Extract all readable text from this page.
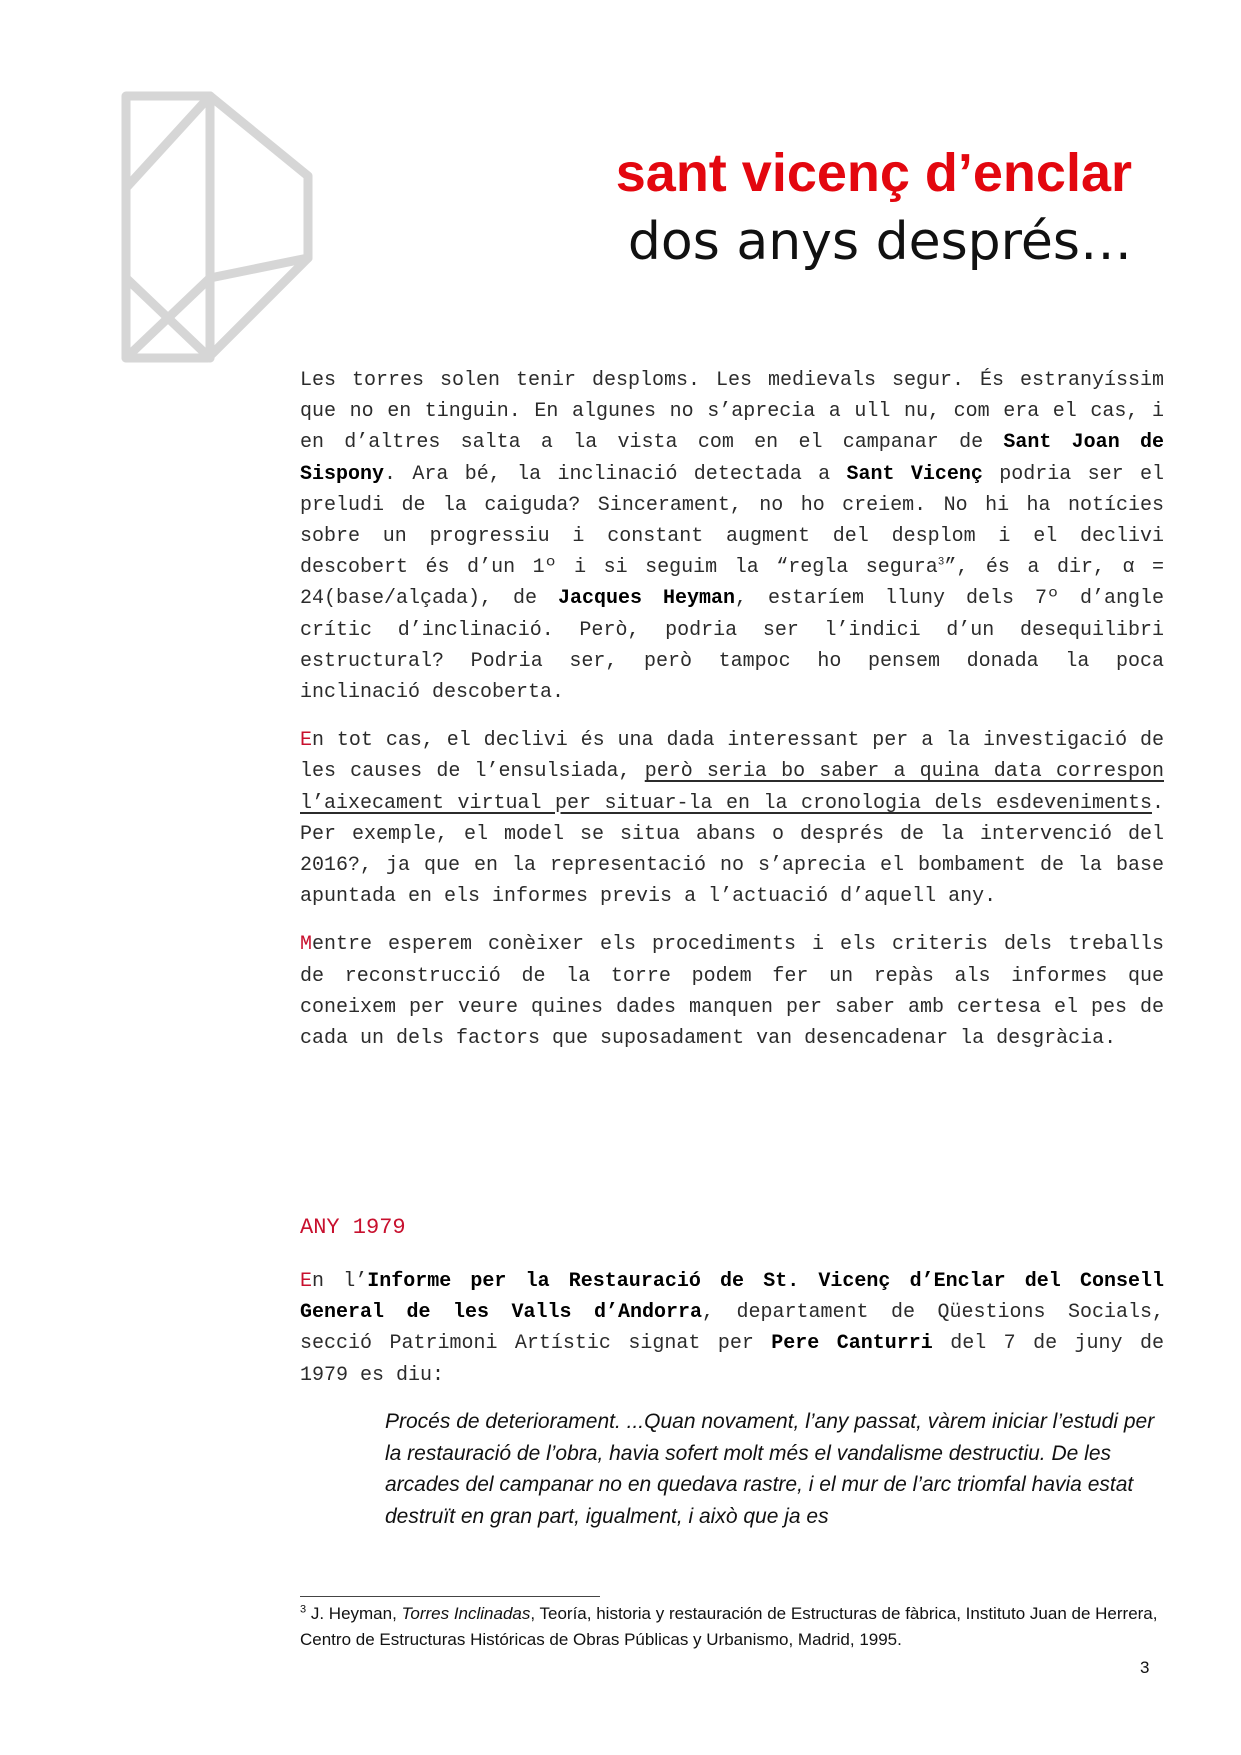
sant vicenç d’enclar
dos anys després…

Les torres solen tenir desploms. Les medievals segur. És estranyíssim que no en tinguin. En algunes no s’aprecia a ull nu, com era el cas, i en d’altres salta a la vista com en el campanar de Sant Joan de Sispony. Ara bé, la inclinació detectada a Sant Vicenç podria ser el preludi de la caiguda? Sincerament, no ho creiem. No hi ha notícies sobre un progressiu i constant augment del desplom i el declivi descobert és d’un 1º i si seguim la “regla segura$^3$”, és a dir, α = 24(base/alçada), de Jacques Heyman, estaríem lluny dels 7º d’angle crític d’inclinació. Però, podria ser l’indici d’un desequilibri estructural? Podria ser, però tampoc ho pensem donada la poca inclinació descoberta.

En tot cas, el declivi és una dada interessant per a la investigació de les causes de l’ensulsiada, però seria bo saber a quina data correspon l’aixecament virtual per situar-la en la cronologia dels esdeveniments. Per exemple, el model se situa abans o després de la intervenció del 2016?, ja que en la representació no s’aprecia el bombament de la base apuntada en els informes previs a l’actuació d’aquell any.

Mentre esperem conèixer els procediments i els criteris dels treballs de reconstrucció de la torre podem fer un repàs als informes que coneixem per veure quines dades manquen per saber amb certesa el pes de cada un dels factors que suposadament van desencadenar la desgràcia.

ANY 1979

En l’Informe per la Restauració de St. Vicenç d’Enclar del Consell General de les Valls d’Andorra, departament de Qüestions Socials, secció Patrimoni Artístic signat per Pere Canturri del 7 de juny de 1979 es diu:

Procés de deteriorament. ...Quan novament, l’any passat, vàrem iniciar l’estudi per la restauració de l’obra, havia sofert molt més el vandalisme destructiu. De les arcades del campanar no en quedava rastre, i el mur de l’arc triomfal havia estat destruït en gran part, igualment, i això que ja es
$^3$ J. Heyman, Torres Inclinadas, Teoría, historia y restauración de Estructuras de fàbrica, Instituto Juan de Herrera, Centro de Estructuras Históricas de Obras Públicas y Urbanismo, Madrid, 1995.
3
